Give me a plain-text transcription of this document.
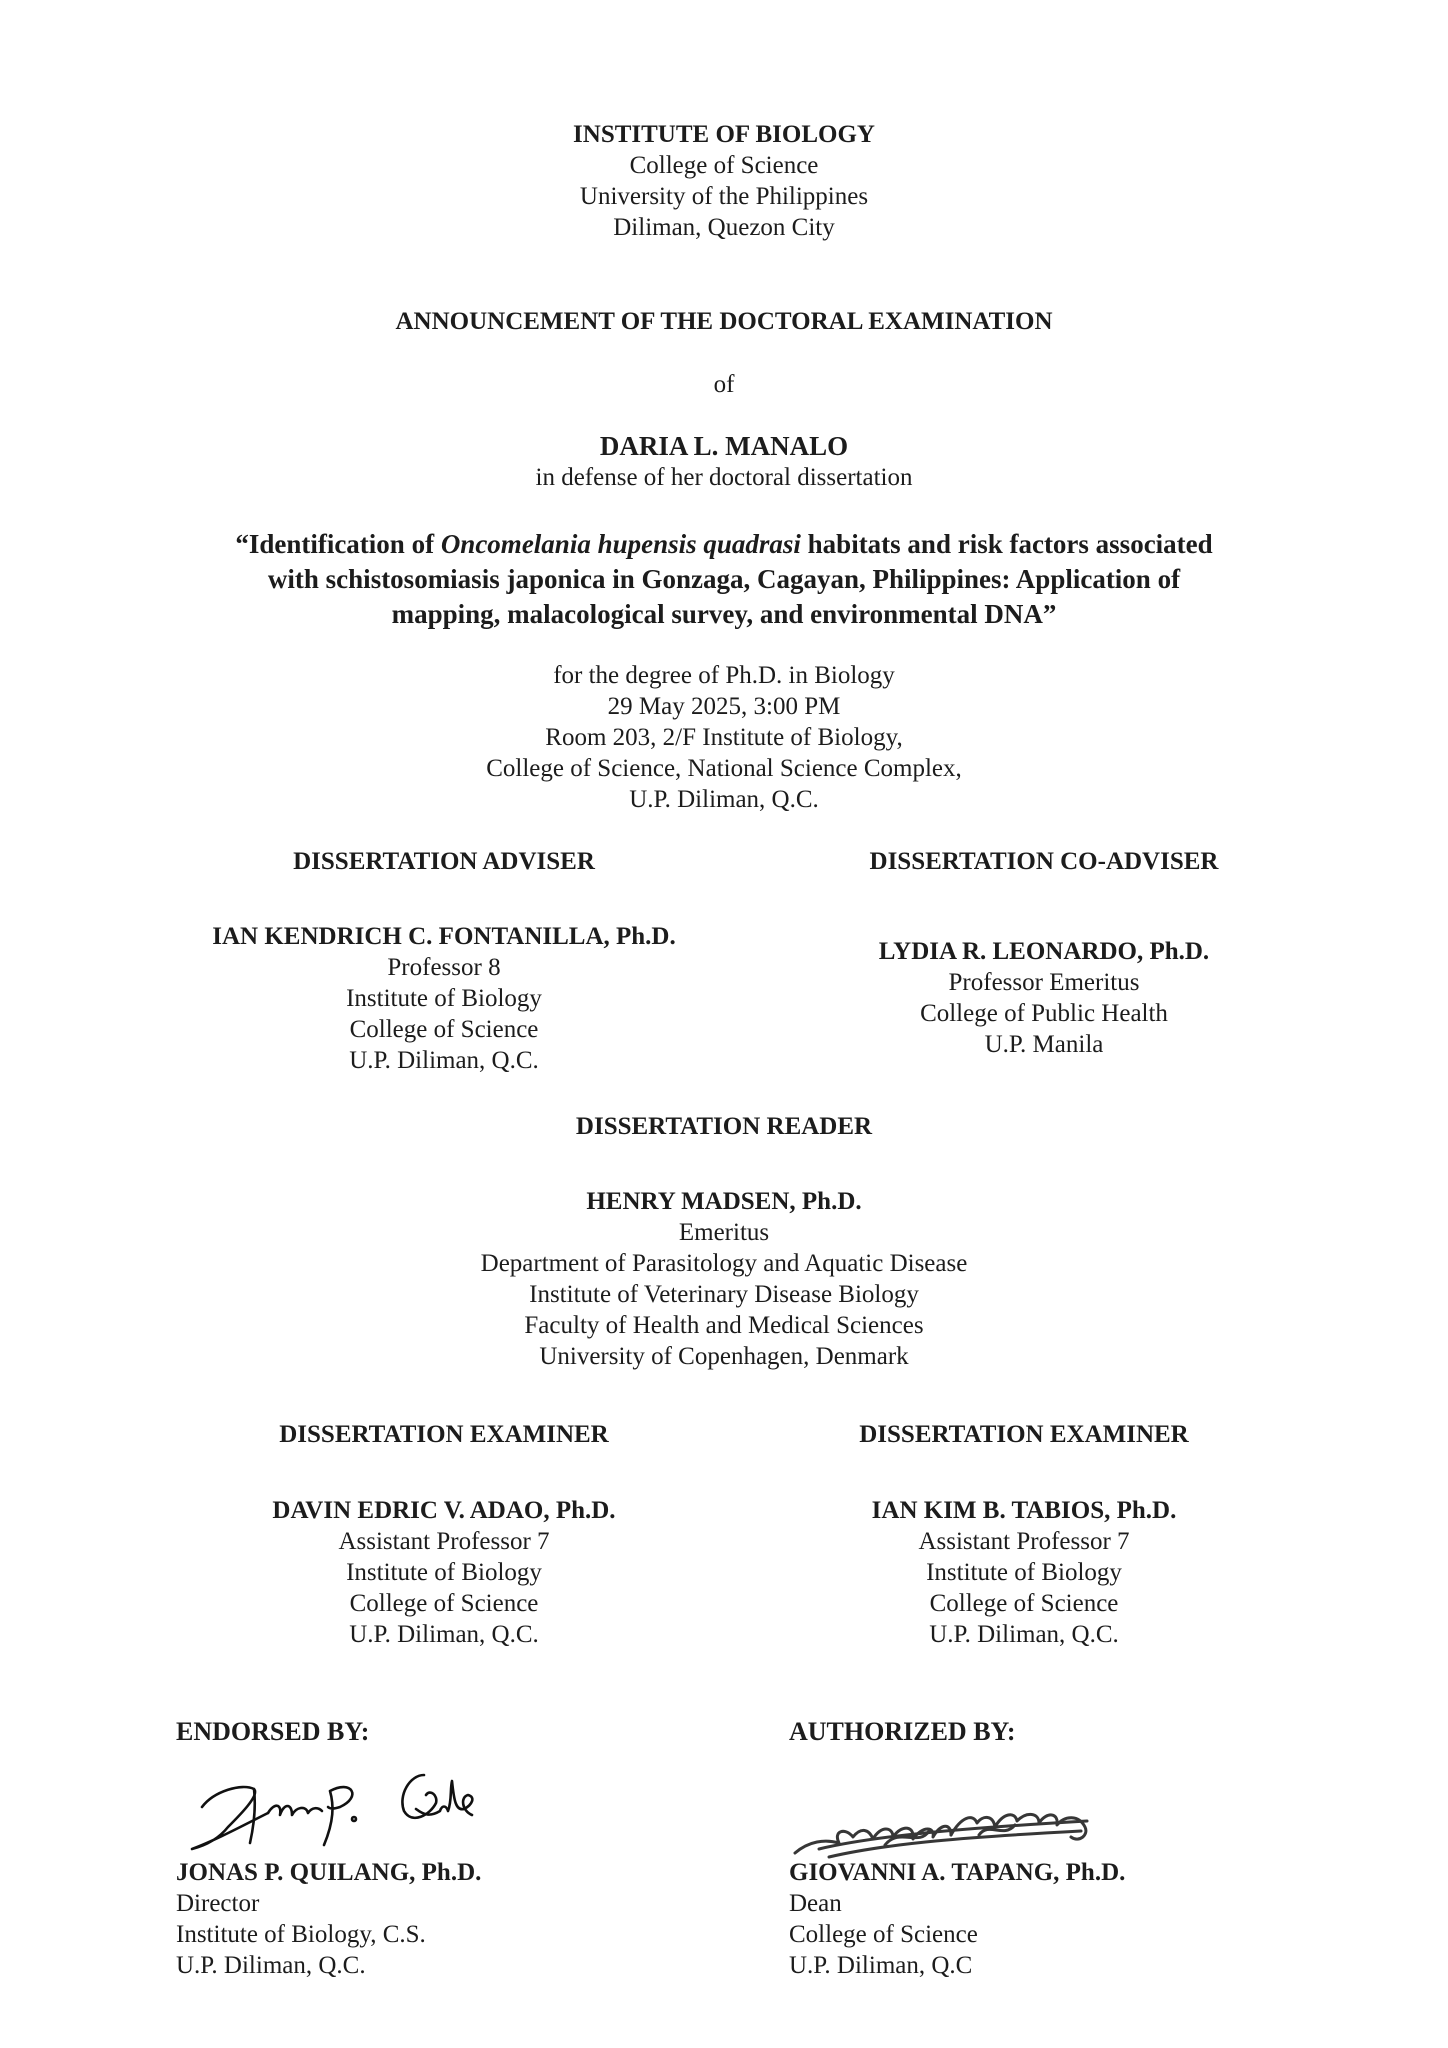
INSTITUTE OF BIOLOGY
College of Science
University of the Philippines
Diliman, Quezon City
ANNOUNCEMENT OF THE DOCTORAL EXAMINATION
of
DARIA L. MANALO
in defense of her doctoral dissertation
“Identification of Oncomelania hupensis quadrasi habitats and risk factors associated
with schistosomiasis japonica in Gonzaga, Cagayan, Philippines: Application of
mapping, malacological survey, and environmental DNA”
for the degree of Ph.D. in Biology
29 May 2025, 3:00 PM
Room 203, 2/F Institute of Biology,
College of Science, National Science Complex,
U.P. Diliman, Q.C.
DISSERTATION ADVISER
IAN KENDRICH C. FONTANILLA, Ph.D.
Professor 8
Institute of Biology
College of Science
U.P. Diliman, Q.C.
DISSERTATION CO-ADVISER
LYDIA R. LEONARDO, Ph.D.
Professor Emeritus
College of Public Health
U.P. Manila
DISSERTATION READER
HENRY MADSEN, Ph.D.
Emeritus
Department of Parasitology and Aquatic Disease
Institute of Veterinary Disease Biology
Faculty of Health and Medical Sciences
University of Copenhagen, Denmark
DISSERTATION EXAMINER
DAVIN EDRIC V. ADAO, Ph.D.
Assistant Professor 7
Institute of Biology
College of Science
U.P. Diliman, Q.C.
DISSERTATION EXAMINER
IAN KIM B. TABIOS, Ph.D.
Assistant Professor 7
Institute of Biology
College of Science
U.P. Diliman, Q.C.
ENDORSED BY:
JONAS P. QUILANG, Ph.D.
Director
Institute of Biology, C.S.
U.P. Diliman, Q.C.
AUTHORIZED BY:
GIOVANNI A. TAPANG, Ph.D.
Dean
College of Science
U.P. Diliman, Q.C
